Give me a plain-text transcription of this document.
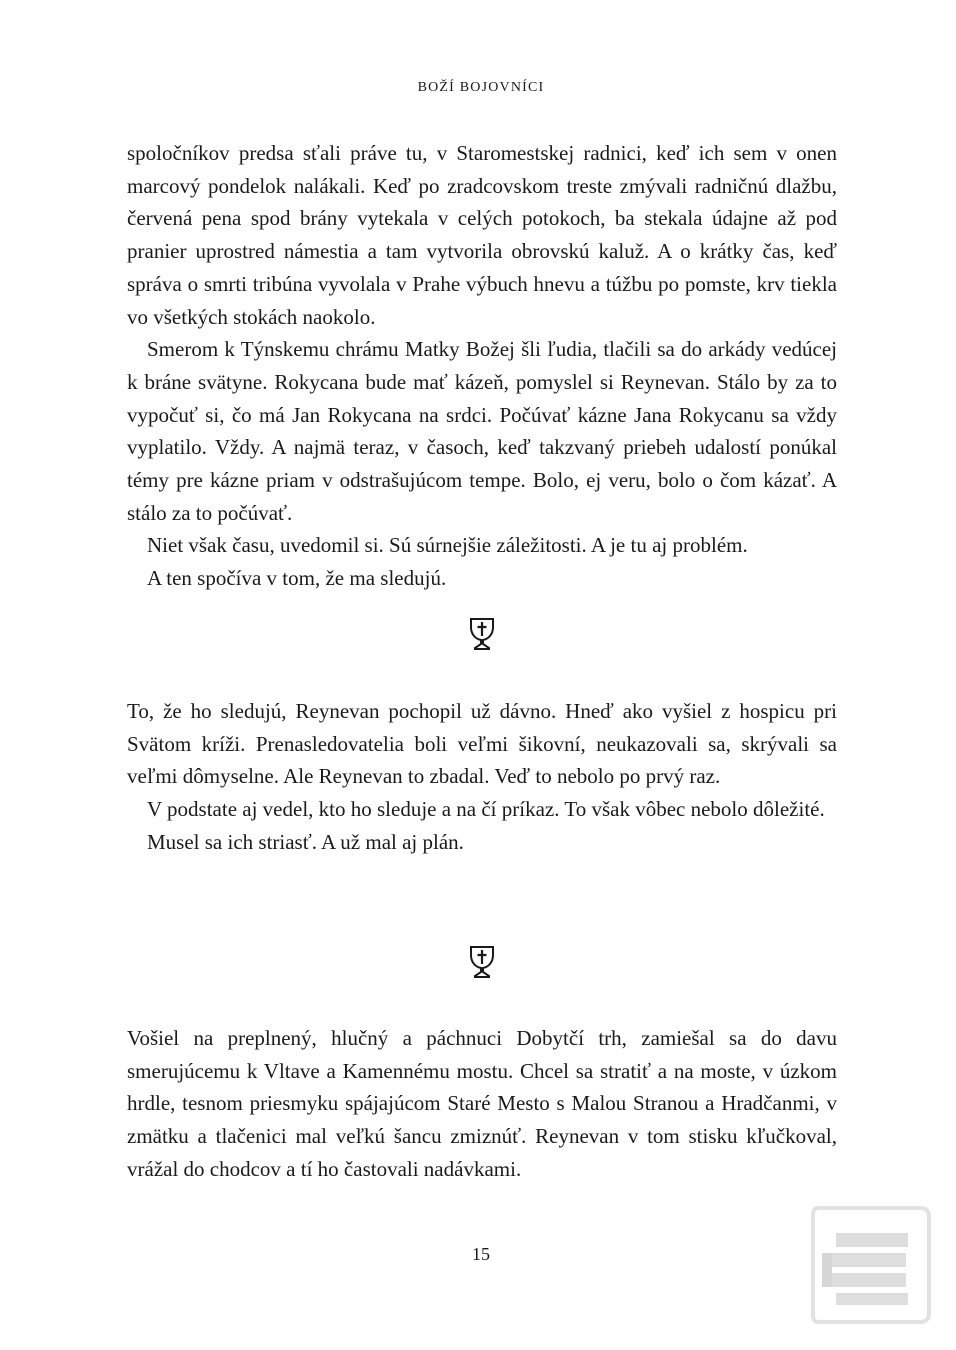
BOŽÍ BOJOVNÍCI

spoločníkov predsa sťali práve tu, v Staromestskej radnici, keď ich sem v onen marcový pondelok nalákali. Keď po zradcovskom treste zmývali radničnú dlažbu, červená pena spod brány vytekala v celých potokoch, ba stekala údajne až pod pranier uprostred námestia a tam vytvorila obrovskú kaluž. A o krátky čas, keď správa o smrti tribúna vyvolala v Prahe výbuch hnevu a túžbu po pomste, krv tiekla vo všetkých stokách naokolo.

Smerom k Týnskemu chrámu Matky Božej šli ľudia, tlačili sa do arkády vedúcej k bráne svätyne. Rokycana bude mať kázeň, pomyslel si Reynevan. Stálo by za to vypočuť si, čo má Jan Rokycana na srdci. Počúvať kázne Jana Rokycanu sa vždy vyplatilo. Vždy. A najmä teraz, v časoch, keď takzvaný priebeh udalostí ponúkal témy pre kázne priam v odstrašujúcom tempe. Bolo, ej veru, bolo o čom kázať. A stálo za to počúvať.

Niet však času, uvedomil si. Sú súrnejšie záležitosti. A je tu aj problém.

A ten spočíva v tom, že ma sledujú.

To, že ho sledujú, Reynevan pochopil už dávno. Hneď ako vyšiel z hospicu pri Svätom kríži. Prenasledovatelia boli veľmi šikovní, neukazovali sa, skrývali sa veľmi dômyselne. Ale Reynevan to zbadal. Veď to nebolo po prvý raz.

V podstate aj vedel, kto ho sleduje a na čí príkaz. To však vôbec nebolo dôležité.

Musel sa ich striasť. A už mal aj plán.

Vošiel na preplnený, hlučný a páchnuci Dobytčí trh, zamiešal sa do davu smerujúcemu k Vltave a Kamennému mostu. Chcel sa stratiť a na moste, v úzkom hrdle, tesnom priesmyku spájajúcom Staré Mesto s Malou Stranou a Hradčanmi, v zmätku a tlačenici mal veľkú šancu zmiznúť. Reynevan v tom stisku kľučkoval, vrážal do chodcov a tí ho častovali nadávkami.

15
